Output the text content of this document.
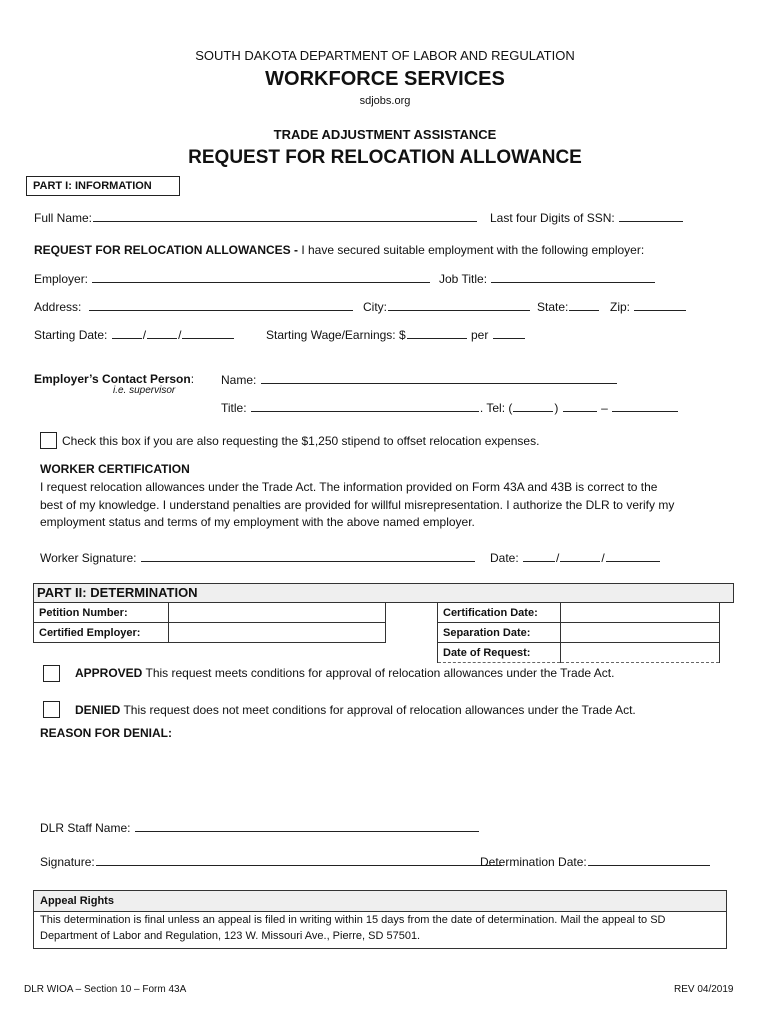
SOUTH DAKOTA DEPARTMENT OF LABOR AND REGULATION
WORKFORCE SERVICES
sdjobs.org
TRADE ADJUSTMENT ASSISTANCE
REQUEST FOR RELOCATION ALLOWANCE
PART I: INFORMATION
Full Name:	Last four Digits of SSN:
REQUEST FOR RELOCATION ALLOWANCES - I have secured suitable employment with the following employer:
Employer:	Job Title:
Address:	City:	State:	Zip:
Starting Date:	/	/	Starting Wage/Earnings: $	per
Employer’s Contact Person:
i.e. supervisor
Name:
Title:	. Tel: (	)	–
Check this box if you are also requesting the $1,250 stipend to offset relocation expenses.
WORKER CERTIFICATION
I request relocation allowances under the Trade Act. The information provided on Form 43A and 43B is correct to the
best of my knowledge. I understand penalties are provided for willful misrepresentation. I authorize the DLR to verify my
employment status and terms of my employment with the above named employer.
Worker Signature:	Date:	/	/
PART II: DETERMINATION
Petition Number:	
Certified Employer:	
Certification Date:	
Separation Date:	
Date of Request:	
APPROVED This request meets conditions for approval of relocation allowances under the Trade Act.
DENIED This request does not meet conditions for approval of relocation allowances under the Trade Act.
REASON FOR DENIAL:
DLR Staff Name:
Signature:	Determination Date:
Appeal Rights
This determination is final unless an appeal is filed in writing within 15 days from the date of determination. Mail the appeal to SD
Department of Labor and Regulation, 123 W. Missouri Ave., Pierre, SD 57501.
DLR WIOA – Section 10 – Form 43A	REV 04/2019
